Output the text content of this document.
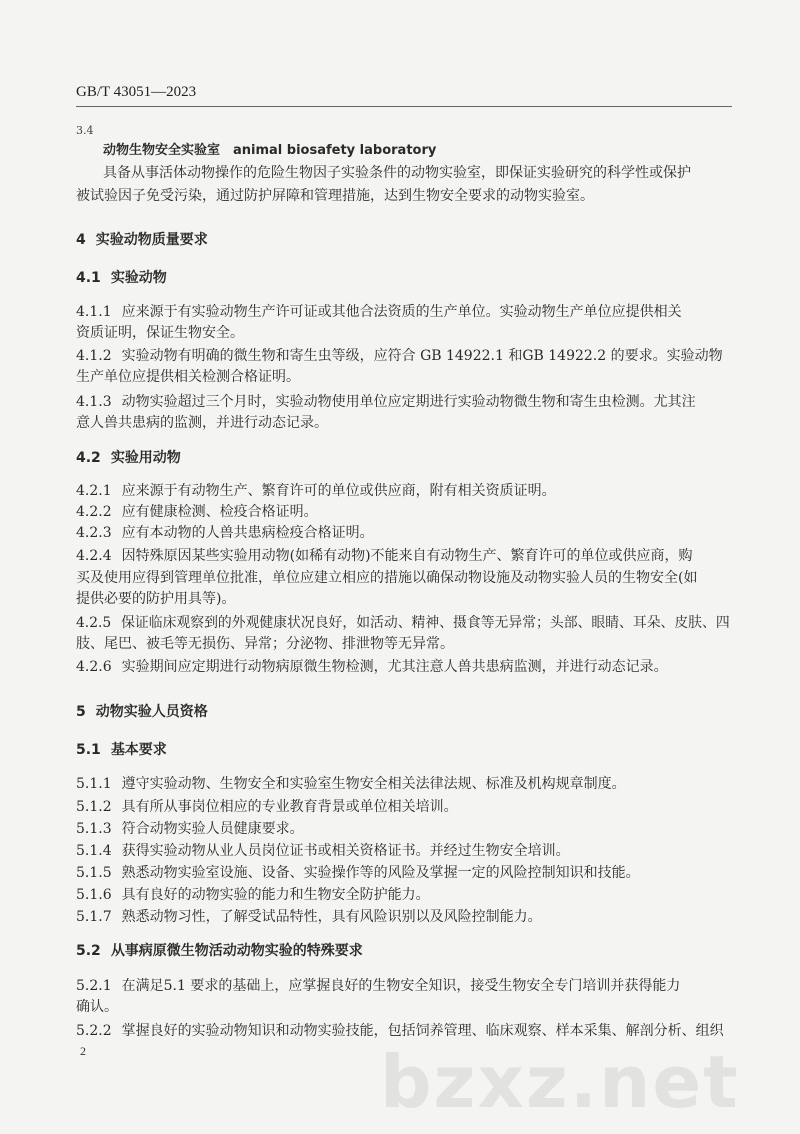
GB/T 43051—2023
3.4
动物生物安全实验室　animal biosafety laboratory
具备从事活体动物操作的危险生物因子实验条件的动物实验室，即保证实验研究的科学性或保护
被试验因子免受污染，通过防护屏障和管理措施，达到生物安全要求的动物实验室。
4 实验动物质量要求
4.1 实验动物
4.1.1 应来源于有实验动物生产许可证或其他合法资质的生产单位。实验动物生产单位应提供相关
资质证明，保证生物安全。
4.1.2 实验动物有明确的微生物和寄生虫等级，应符合 GB 14922.1 和GB 14922.2 的要求。实验动物
生产单位应提供相关检测合格证明。
4.1.3 动物实验超过三个月时，实验动物使用单位应定期进行实验动物微生物和寄生虫检测。尤其注
意人兽共患病的监测，并进行动态记录。
4.2 实验用动物
4.2.1 应来源于有动物生产、繁育许可的单位或供应商，附有相关资质证明。
4.2.2 应有健康检测、检疫合格证明。
4.2.3 应有本动物的人兽共患病检疫合格证明。
4.2.4 因特殊原因某些实验用动物(如稀有动物)不能来自有动物生产、繁育许可的单位或供应商，购
买及使用应得到管理单位批准，单位应建立相应的措施以确保动物设施及动物实验人员的生物安全(如
提供必要的防护用具等)。
4.2.5 保证临床观察到的外观健康状况良好，如活动、精神、摄食等无异常；头部、眼睛、耳朵、皮肤、四
肢、尾巴、被毛等无损伤、异常；分泌物、排泄物等无异常。
4.2.6 实验期间应定期进行动物病原微生物检测，尤其注意人兽共患病监测，并进行动态记录。
5 动物实验人员资格
5.1 基本要求
5.1.1 遵守实验动物、生物安全和实验室生物安全相关法律法规、标准及机构规章制度。
5.1.2 具有所从事岗位相应的专业教育背景或单位相关培训。
5.1.3 符合动物实验人员健康要求。
5.1.4 获得实验动物从业人员岗位证书或相关资格证书。并经过生物安全培训。
5.1.5 熟悉动物实验室设施、设备、实验操作等的风险及掌握一定的风险控制知识和技能。
5.1.6 具有良好的动物实验的能力和生物安全防护能力。
5.1.7 熟悉动物习性，了解受试品特性，具有风险识别以及风险控制能力。
5.2 从事病原微生物活动动物实验的特殊要求
5.2.1 在满足5.1 要求的基础上，应掌握良好的生物安全知识，接受生物安全专门培训并获得能力
确认。
5.2.2 掌握良好的实验动物知识和动物实验技能，包括饲养管理、临床观察、样本采集、解剖分析、组织
2	bzxz.net
